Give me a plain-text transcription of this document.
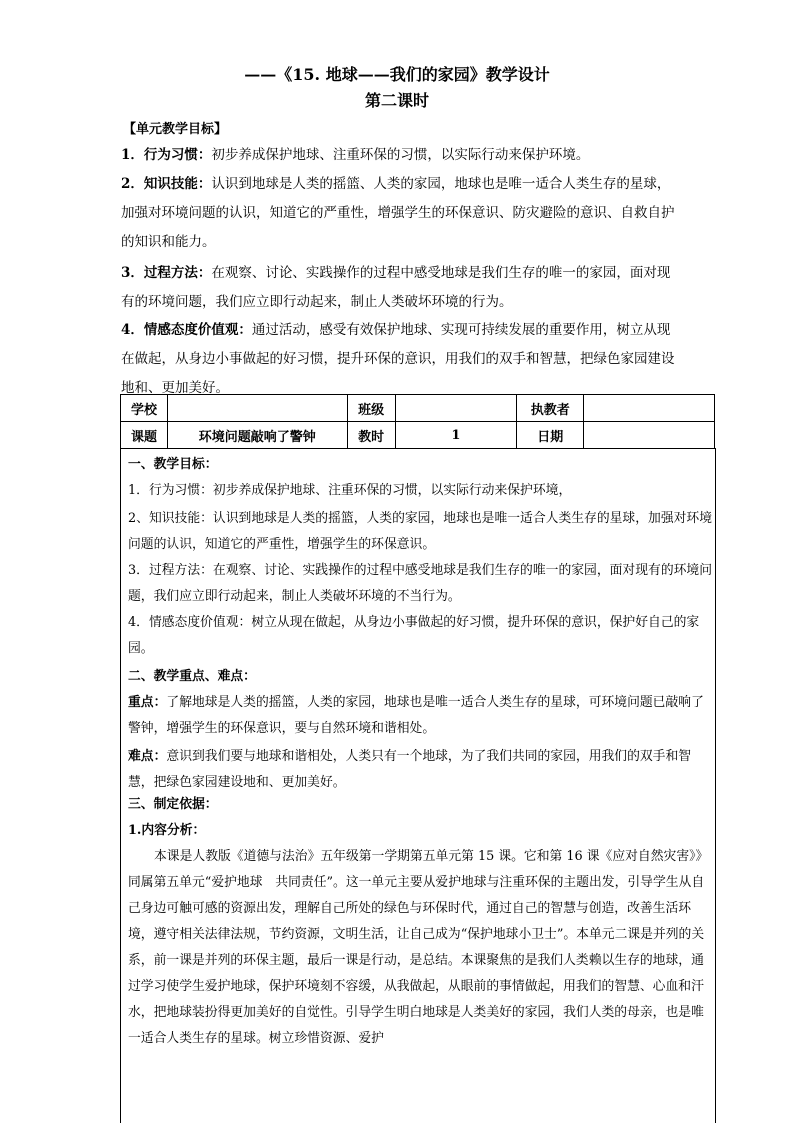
——《15. 地球——我们的家园》教学设计
第二课时
【单元教学目标】
1．行为习惯：初步养成保护地球、注重环保的习惯，以实际行动来保护环境。
2．知识技能：认识到地球是人类的摇篮、人类的家园，地球也是唯一适合人类生存的星球，加强对环境问题的认识，知道它的严重性，增强学生的环保意识、防灾避险的意识、自救自护的知识和能力。
3．过程方法：在观察、讨论、实践操作的过程中感受地球是我们生存的唯一的家园，面对现有的环境问题，我们应立即行动起来，制止人类破坏环境的行为。
4．情感态度价值观：通过活动，感受有效保护地球、实现可持续发展的重要作用，树立从现在做起，从身边小事做起的好习惯，提升环保的意识，用我们的双手和智慧，把绿色家园建设地和、更加美好。
学校		班级		执教者	
课题	环境问题敲响了警钟	教时	1	日期	
一、教学目标：
1．行为习惯：初步养成保护地球、注重环保的习惯，以实际行动来保护环境，
2、知识技能：认识到地球是人类的摇篮，人类的家园，地球也是唯一适合人类生存的星球，加强对环境问题的认识，知道它的严重性，增强学生的环保意识。
3．过程方法：在观察、讨论、实践操作的过程中感受地球是我们生存的唯一的家园，面对现有的环境问题，我们应立即行动起来，制止人类破坏环境的不当行为。
4．情感态度价值观：树立从现在做起，从身边小事做起的好习惯，提升环保的意识，保护好自己的家园。
二、教学重点、难点：
重点：了解地球是人类的摇篮，人类的家园，地球也是唯一适合人类生存的星球，可环境问题已敲响了警钟，增强学生的环保意识，要与自然环境和谐相处。
难点：意识到我们要与地球和谐相处，人类只有一个地球，为了我们共同的家园，用我们的双手和智慧，把绿色家园建设地和、更加美好。
三、制定依据：
1.内容分析：
本课是人教版《道德与法治》五年级第一学期第五单元第 15 课。它和第 16 课《应对自然灾害》》同属第五单元“爱护地球　共同责任”。这一单元主要从爱护地球与注重环保的主题出发，引导学生从自己身边可触可感的资源出发，理解自己所处的绿色与环保时代，通过自己的智慧与创造，改善生活环境，遵守相关法律法规，节约资源，文明生活，让自己成为“保护地球小卫士”。本单元二课是并列的关系，前一课是并列的环保主题，最后一课是行动，是总结。本课聚焦的是我们人类赖以生存的地球，通过学习使学生爱护地球，保护环境刻不容缓，从我做起，从眼前的事情做起，用我们的智慧、心血和汗水，把地球装扮得更加美好的自觉性。引导学生明白地球是人类美好的家园，我们人类的母亲，也是唯一适合人类生存的星球。树立珍惜资源、爱护
